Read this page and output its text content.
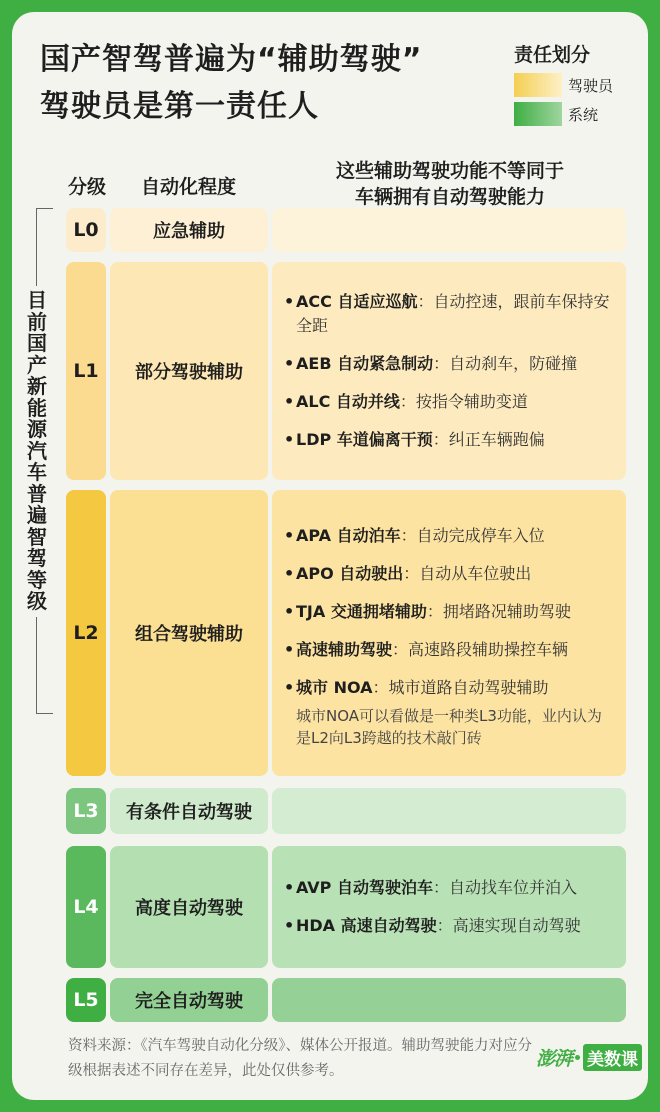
国产智驾普遍为“辅助驾驶”
驾驶员是第一责任人
责任划分
驾驶员
系统
分级 自动化程度
这些辅助驾驶功能不等同于
车辆拥有自动驾驶能力
目前国产新能源汽车普遍智驾等级
L0	应急辅助
L1	部分驾驶辅助
• ACC 自适应巡航：自动控速，跟前车保持安全距
• AEB 自动紧急制动：自动刹车，防碰撞
• ALC 自动并线：按指令辅助变道
• LDP 车道偏离干预：纠正车辆跑偏
L2	组合驾驶辅助
• APA 自动泊车：自动完成停车入位
• APO 自动驶出：自动从车位驶出
• TJA 交通拥堵辅助：拥堵路况辅助驾驶
• 高速辅助驾驶：高速路段辅助操控车辆
• 城市 NOA：城市道路自动驾驶辅助
城市NOA可以看做是一种类L3功能，业内认为是L2向L3跨越的技术敲门砖
L3	有条件自动驾驶
L4	高度自动驾驶
• AVP 自动驾驶泊车：自动找车位并泊入
• HDA 高速自动驾驶：高速实现自动驾驶
L5	完全自动驾驶
资料来源：《汽车驾驶自动化分级》、媒体公开报道。辅助驾驶能力对应分级根据表述不同存在差异，此处仅供参考。
澎湃 美数课
